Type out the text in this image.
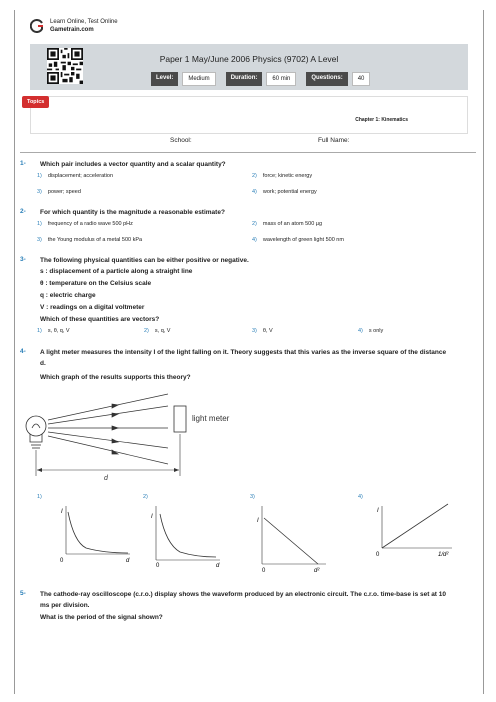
Learn Online, Test Online
Gametrain.com
Paper 1 May/June 2006 Physics (9702) A Level
Level:	Medium	Duration:	60 min	Questions:	40
Topics
Chapter 1: Kinematics
School:	Full Name:
1- Which pair includes a vector quantity and a scalar quantity?
1) displacement; acceleration	2) force; kinetic energy
3) power; speed	4) work; potential energy
2- For which quantity is the magnitude a reasonable estimate?
1) frequency of a radio wave 500 pHz	2) mass of an atom 500 µg
3) the Young modulus of a metal 500 kPa	4) wavelength of green light 500 nm
3- The following physical quantities can be either positive or negative.
s : displacement of a particle along a straight line
θ : temperature on the Celsius scale
q : electric charge
V : readings on a digital voltmeter
Which of these quantities are vectors?
1) s, θ, q, V	2) s, q, V	3) θ, V	4) s only
4- A light meter measures the intensity I of the light falling on it. Theory suggests that this varies as the inverse square of the distance
d.
Which graph of the results supports this theory?
light meter
d
1)
I
0	d
2)
I
0	d
3)
I
0	d²
4)
I
0	1/d²
5- The cathode-ray oscilloscope (c.r.o.) display shows the waveform produced by an electronic circuit. The c.r.o. time-base is set at 10
ms per division.
What is the period of the signal shown?
